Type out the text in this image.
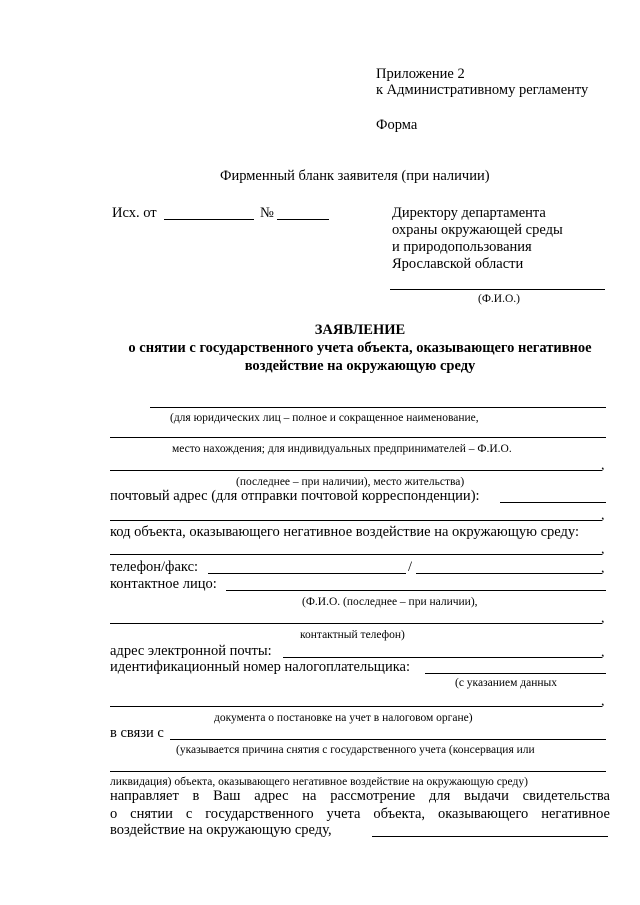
Приложение 2
к Административному регламенту
Форма
Фирменный бланк заявителя (при наличии)
Исх. от	№	Директору департамента
охраны окружающей среды
и природопользования
Ярославской области
(Ф.И.О.)
ЗАЯВЛЕНИЕ
о снятии с государственного учета объекта, оказывающего негативное
воздействие на окружающую среду
(для юридических лиц – полное и сокращенное наименование,
место нахождения; для индивидуальных предпринимателей – Ф.И.О.
,
(последнее – при наличии), место жительства)
почтовый адрес (для отправки почтовой корреспонденции):
,
код объекта, оказывающего негативное воздействие на окружающую среду:
,
телефон/факс:	/	,
контактное лицо:
(Ф.И.О. (последнее – при наличии),
,
контактный телефон)
адрес электронной почты:	,
идентификационный номер налогоплательщика:
(с указанием данных
,
документа о постановке на учет в налоговом органе)
в связи с
(указывается причина снятия с государственного учета (консервация или
ликвидация) объекта, оказывающего негативное воздействие на окружающую среду)
направляет в Ваш адрес на рассмотрение для выдачи свидетельства
о снятии с государственного учета объекта, оказывающего негативное
воздействие на окружающую среду,
